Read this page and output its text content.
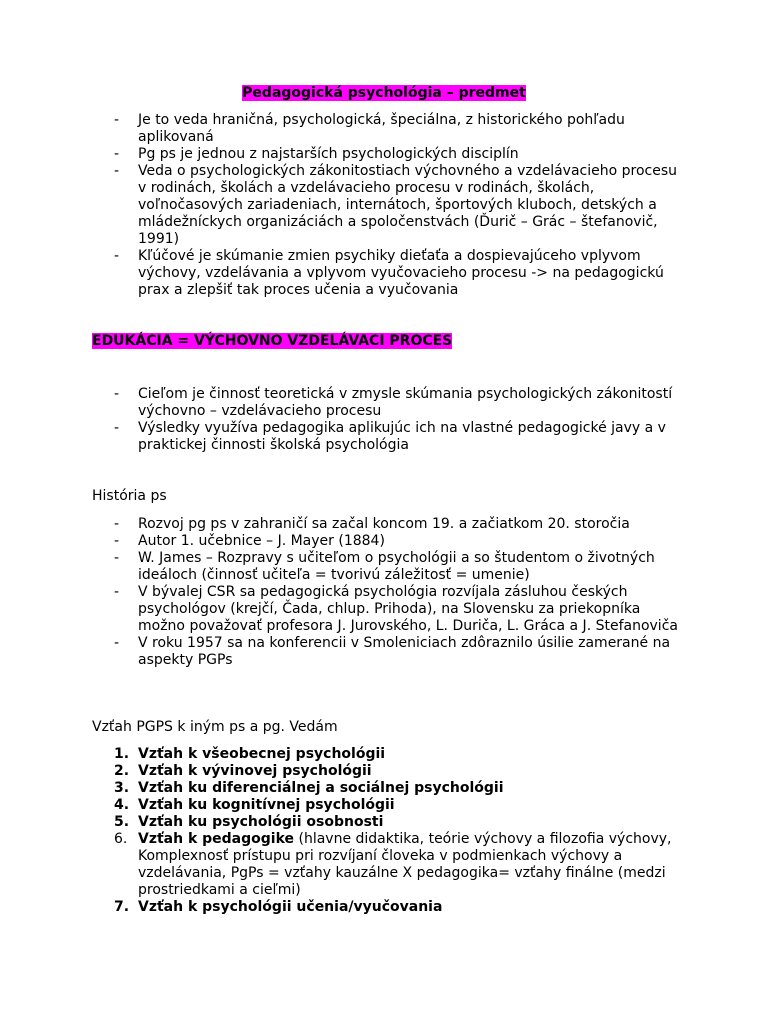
Pedagogická psychológia – predmet
- Je to veda hraničná, psychologická, špeciálna, z historického pohľadu aplikovaná
- Pg ps je jednou z najstarších psychologických disciplín
- Veda o psychologických zákonitostiach výchovného a vzdelávacieho procesu v rodinách, školách a vzdelávacieho procesu v rodinách, školách, voľnočasových zariadeniach, internátoch, športových kluboch, detských a mládežníckych organizáciách a spoločenstvách (Ďurič – Grác – štefanovič, 1991)
- Kľúčové je skúmanie zmien psychiky dieťaťa a dospievajúceho vplyvom výchovy, vzdelávania a vplyvom vyučovacieho procesu -> na pedagogickú prax a zlepšiť tak proces učenia a vyučovania
EDUKÁCIA = VÝCHOVNO VZDELÁVACI PROCES
- Cieľom je činnosť teoretická v zmysle skúmania psychologických zákonitostí výchovno – vzdelávacieho procesu
- Výsledky využíva pedagogika aplikujúc ich na vlastné pedagogické javy a v praktickej činnosti školská psychológia
História ps
- Rozvoj pg ps v zahraničí sa začal koncom 19. a začiatkom 20. storočia
- Autor 1. učebnice – J. Mayer (1884)
- W. James – Rozpravy s učiteľom o psychológii a so študentom o životných ideáloch (činnosť učiteľa = tvorivú záležitosť = umenie)
- V bývalej CSR sa pedagogická psychológia rozvíjala zásluhou českých psychológov (krejčí, Čada, chlup. Prihoda), na Slovensku za priekopníka možno považovať profesora J. Jurovského, L. Duriča, L. Gráca a J. Stefanoviča
- V roku 1957 sa na konferencii v Smoleniciach zdôraznilo úsilie zamerané na aspekty PGPs
Vzťah PGPS k iným ps a pg. Vedám
1. Vzťah k všeobecnej psychológii
2. Vzťah k vývinovej psychológii
3. Vzťah ku diferenciálnej a sociálnej psychológii
4. Vzťah ku kognitívnej psychológii
5. Vzťah ku psychológii osobnosti
6. Vzťah k pedagogike (hlavne didaktika, teórie výchovy a filozofia výchovy,
Komplexnosť prístupu pri rozvíjaní človeka v podmienkach výchovy a vzdelávania, PgPs = vzťahy kauzálne X pedagogika= vzťahy finálne (medzi prostriedkami a cieľmi)
7. Vzťah k psychológii učenia/vyučovania
